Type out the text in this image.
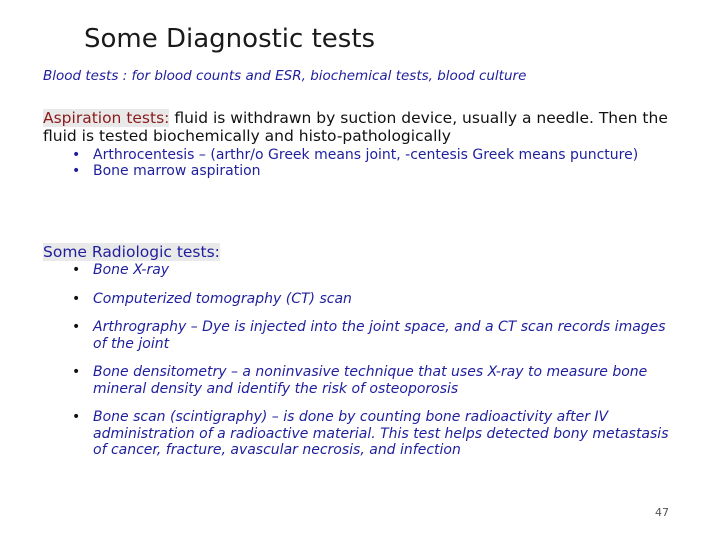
Some Diagnostic tests
Blood tests : for blood counts and ESR, biochemical tests, blood culture
Aspiration tests: fluid is withdrawn by suction device, usually a needle. Then the fluid is tested biochemically and histo-pathologically
• Arthrocentesis – (arthr/o Greek means joint, -centesis Greek means puncture)
• Bone marrow aspiration
Some Radiologic tests:
• Bone X-ray
• Computerized tomography (CT) scan
• Arthrography – Dye is injected into the joint space, and a CT scan records images of the joint
• Bone densitometry – a noninvasive technique that uses X-ray to measure bone mineral density and identify the risk of osteoporosis
• Bone scan (scintigraphy) – is done by counting bone radioactivity after IV administration of a radioactive material. This test helps detected bony metastasis of cancer, fracture, avascular necrosis, and infection
47
